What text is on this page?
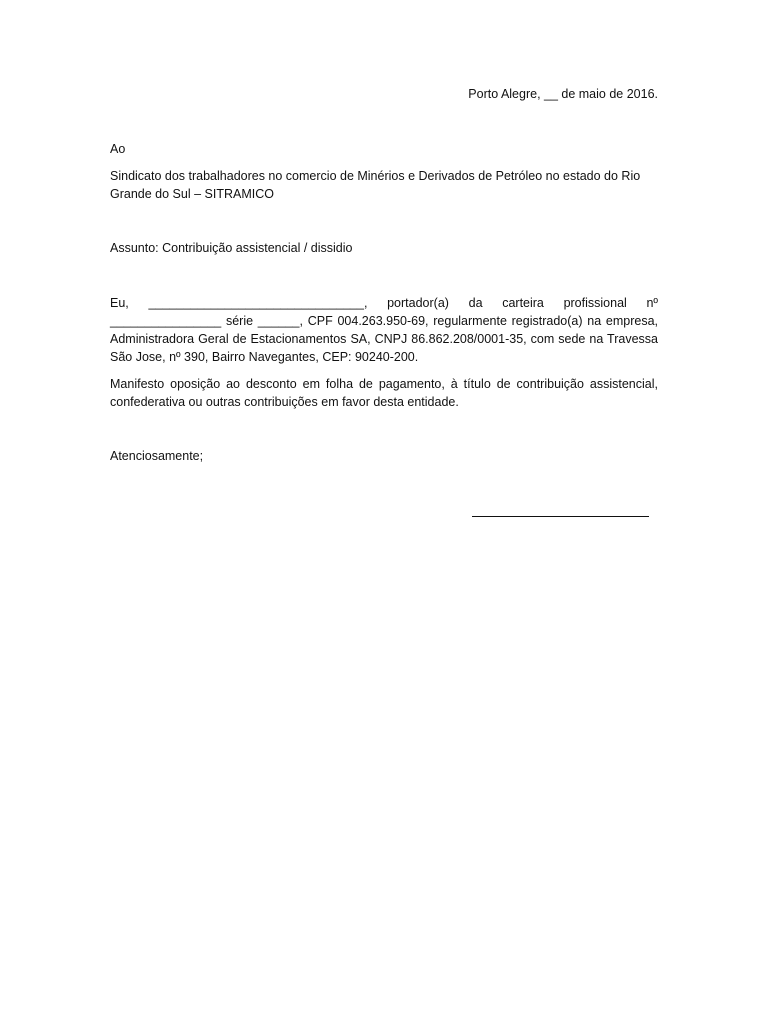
Porto Alegre, __ de maio de 2016.
Ao
Sindicato dos trabalhadores no comercio de Minérios e Derivados de Petróleo no estado do Rio Grande do Sul – SITRAMICO
Assunto: Contribuição assistencial / dissidio
Eu, _______________________________, portador(a) da carteira profissional nº ________________ série ______, CPF 004.263.950-69, regularmente registrado(a) na empresa, Administradora Geral de Estacionamentos SA, CNPJ 86.862.208/0001-35, com sede na Travessa São Jose, nº 390, Bairro Navegantes, CEP: 90240-200.
Manifesto oposição ao desconto em folha de pagamento, à título de contribuição assistencial, confederativa ou outras contribuições em favor desta entidade.
Atenciosamente;
